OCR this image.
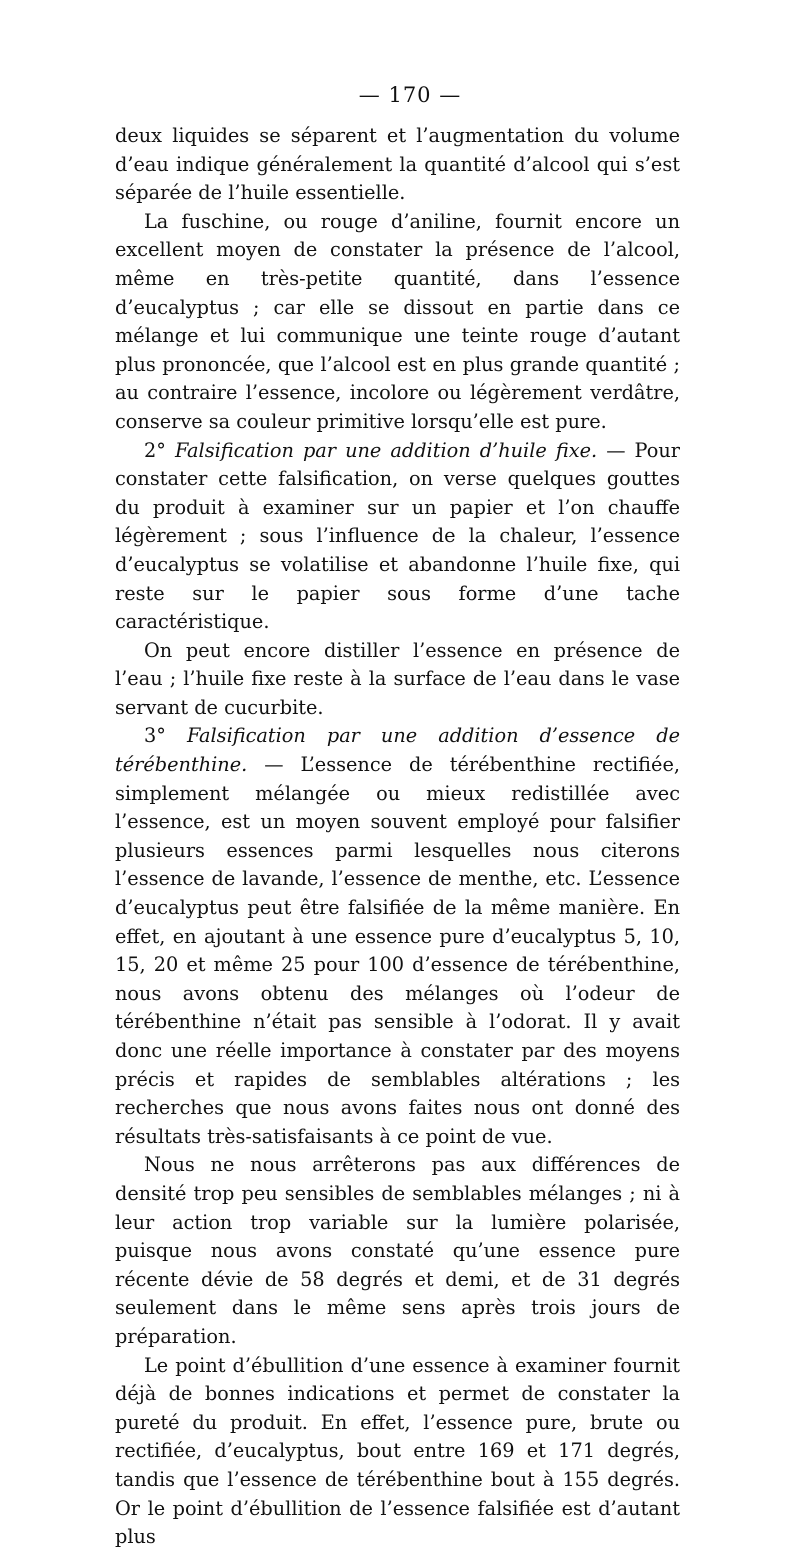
— 170 —

deux liquides se séparent et l’augmentation du volume d’eau indique généralement la quantité d’alcool qui s’est séparée de l’huile essentielle.

La fuschine, ou rouge d’aniline, fournit encore un excellent moyen de constater la présence de l’alcool, même en très-petite quantité, dans l’essence d’eucalyptus ; car elle se dissout en partie dans ce mélange et lui communique une teinte rouge d’autant plus prononcée, que l’alcool est en plus grande quantité ; au contraire l’essence, incolore ou légèrement verdâtre, conserve sa couleur primitive lorsqu’elle est pure.

2° Falsification par une addition d’huile fixe. — Pour constater cette falsification, on verse quelques gouttes du produit à examiner sur un papier et l’on chauffe légèrement ; sous l’influence de la chaleur, l’essence d’eucalyptus se volatilise et abandonne l’huile fixe, qui reste sur le papier sous forme d’une tache caractéristique.

On peut encore distiller l’essence en présence de l’eau ; l’huile fixe reste à la surface de l’eau dans le vase servant de cucurbite.

3° Falsification par une addition d’essence de térébenthine. — L’essence de térébenthine rectifiée, simplement mélangée ou mieux redistillée avec l’essence, est un moyen souvent employé pour falsifier plusieurs essences parmi lesquelles nous citerons l’essence de lavande, l’essence de menthe, etc. L’essence d’eucalyptus peut être falsifiée de la même manière. En effet, en ajoutant à une essence pure d’eucalyptus 5, 10, 15, 20 et même 25 pour 100 d’essence de térébenthine, nous avons obtenu des mélanges où l’odeur de térébenthine n’était pas sensible à l’odorat. Il y avait donc une réelle importance à constater par des moyens précis et rapides de semblables altérations ; les recherches que nous avons faites nous ont donné des résultats très-satisfaisants à ce point de vue.

Nous ne nous arrêterons pas aux différences de densité trop peu sensibles de semblables mélanges ; ni à leur action trop variable sur la lumière polarisée, puisque nous avons constaté qu’une essence pure récente dévie de 58 degrés et demi, et de 31 degrés seulement dans le même sens après trois jours de préparation.

Le point d’ébullition d’une essence à examiner fournit déjà de bonnes indications et permet de constater la pureté du produit. En effet, l’essence pure, brute ou rectifiée, d’eucalyptus, bout entre 169 et 171 degrés, tandis que l’essence de térébenthine bout à 155 degrés. Or le point d’ébullition de l’essence falsifiée est d’autant plus
